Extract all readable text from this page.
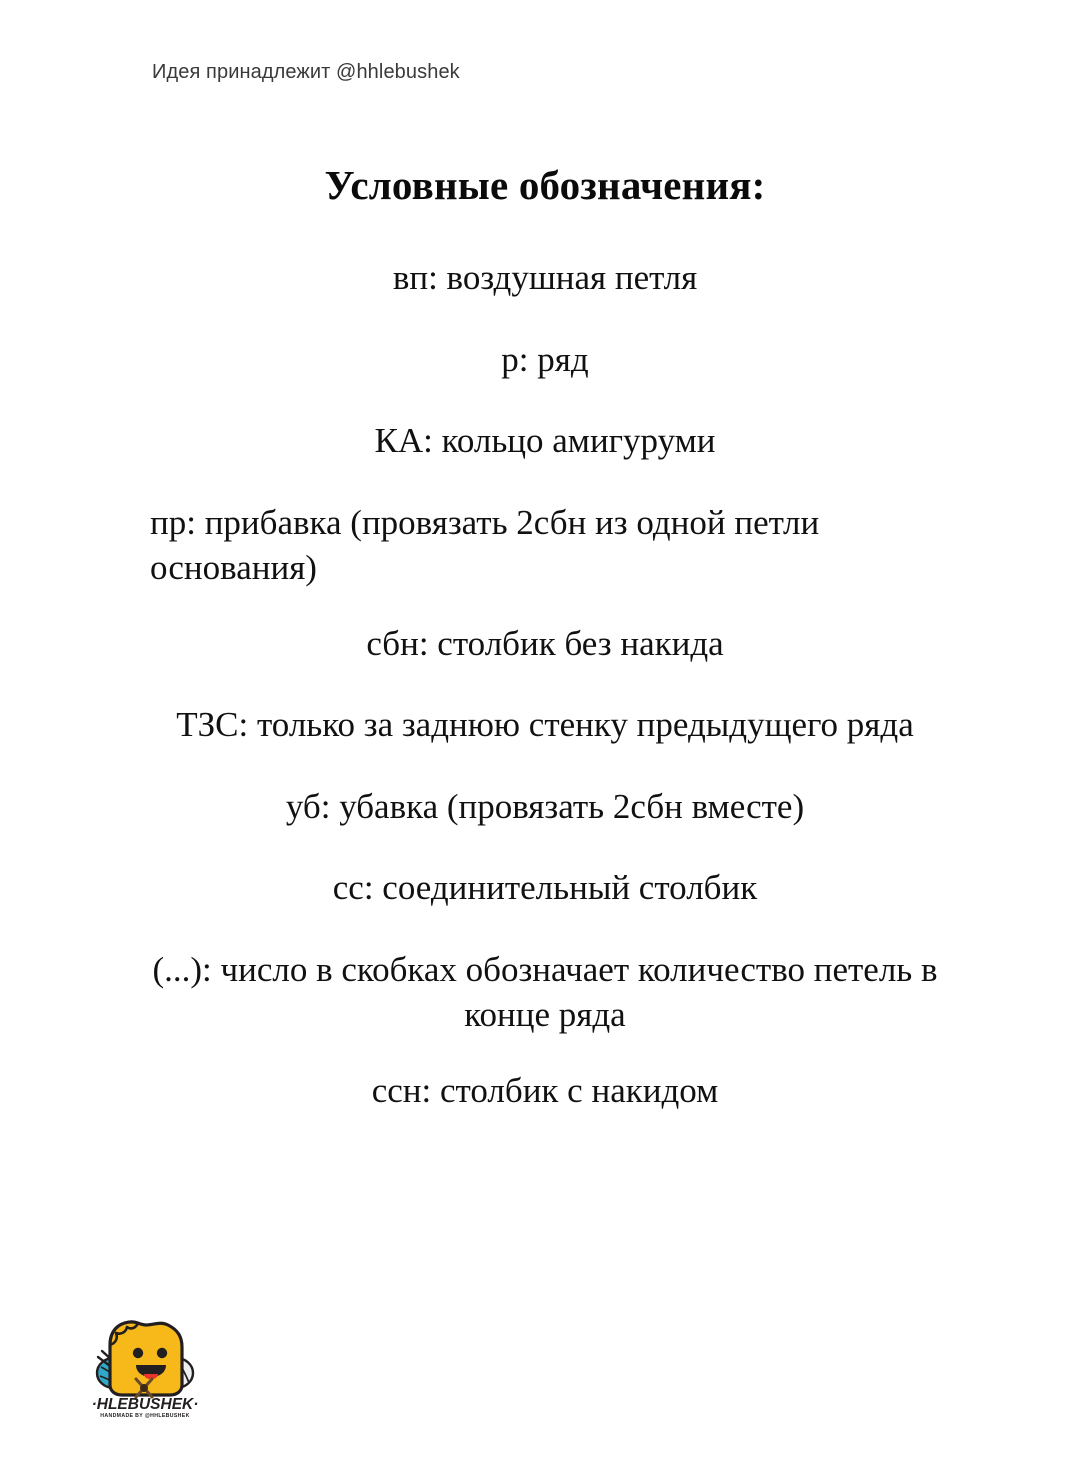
Идея принадлежит @hhlebushek
Условные обозначения:
вп: воздушная петля
р: ряд
КА: кольцо амигуруми
пр: прибавка (провязать 2сбн из одной петли основания)
сбн: столбик без накида
ТЗС: только за заднюю стенку предыдущего ряда
уб: убавка (провязать 2сбн вместе)
сс: соединительный столбик
(...): число в скобках обозначает количество петель в конце ряда
ссн: столбик с накидом
·HLEBUSHEK·
HANDMADE BY @HHLEBUSHEK
